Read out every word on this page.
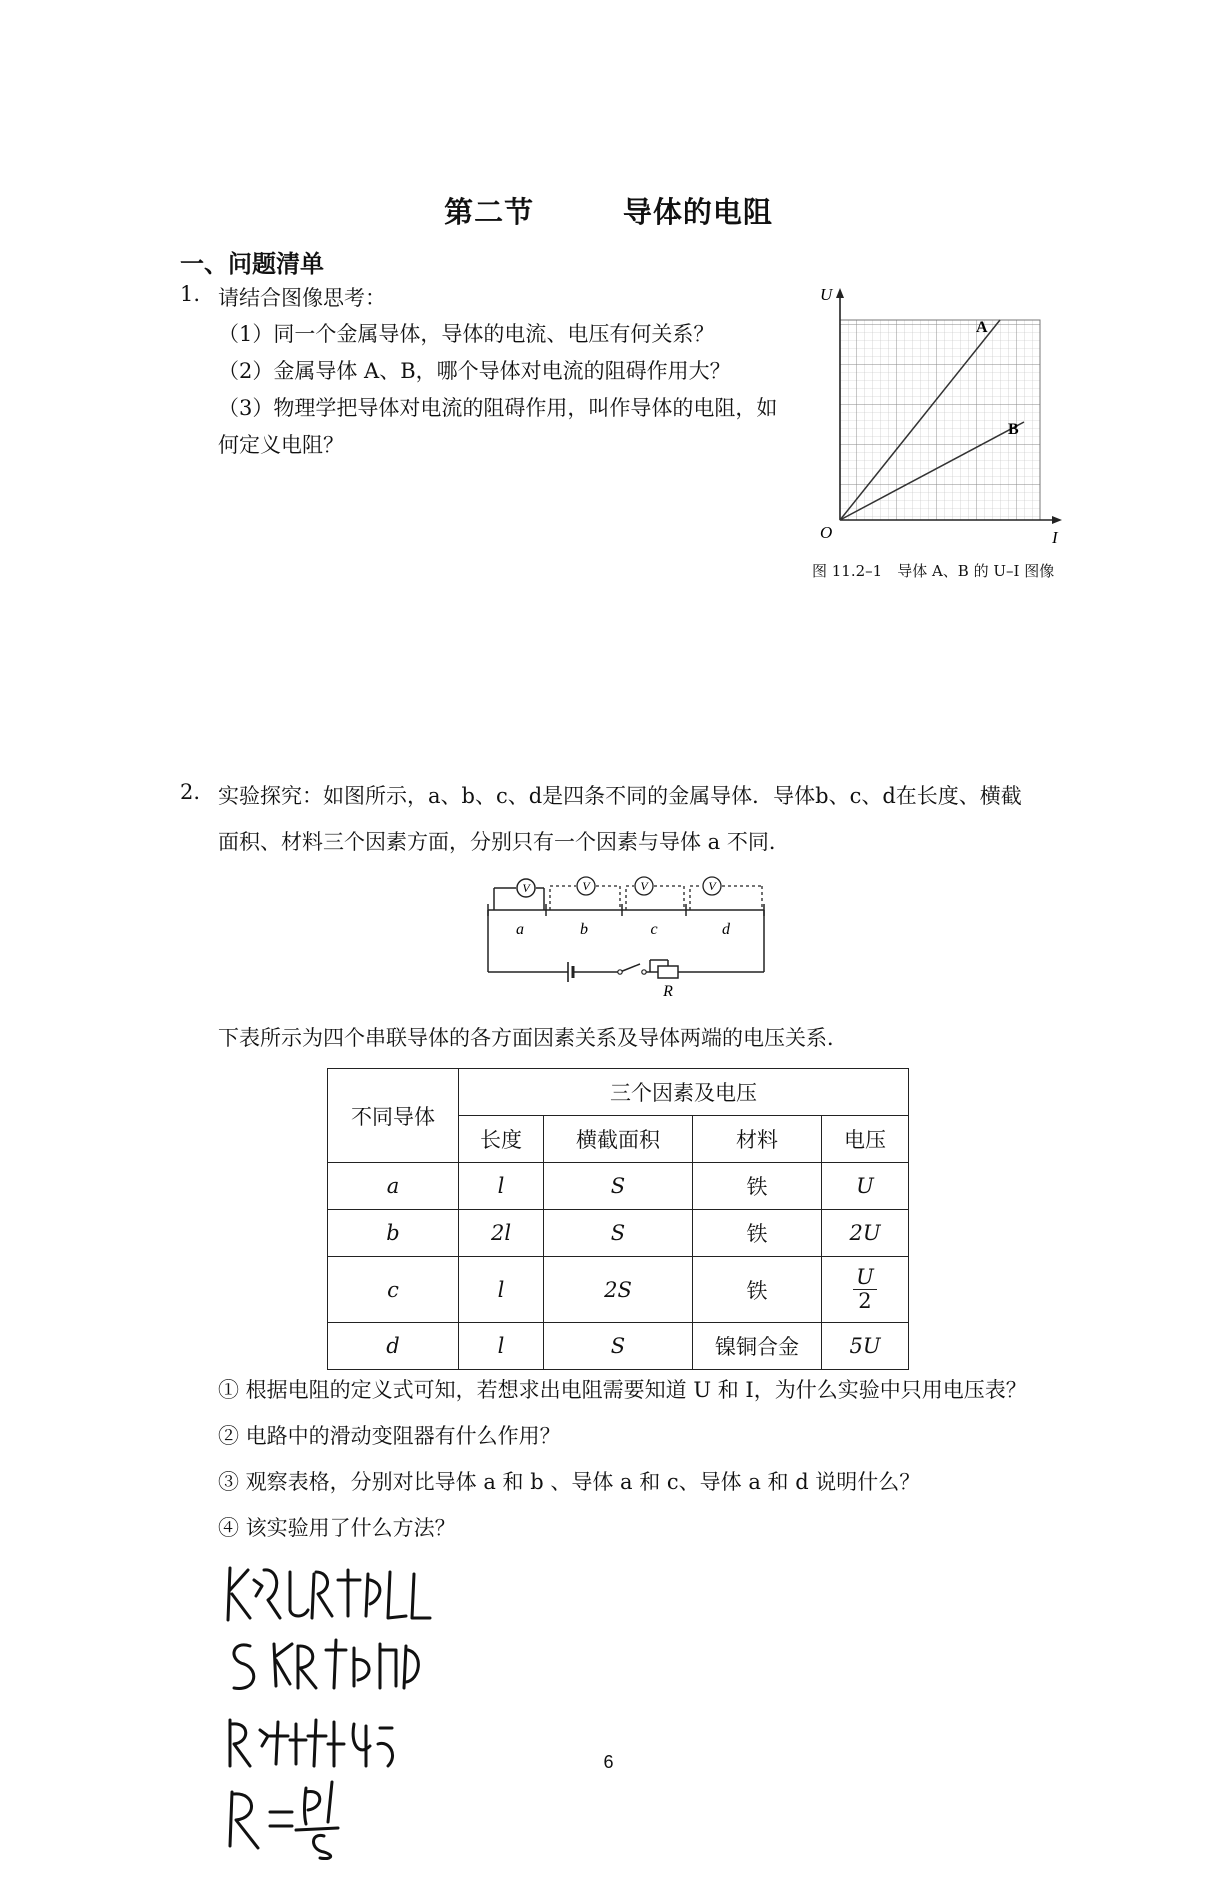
第二节	导体的电阻
一、问题清单
1. 请结合图像思考：
（1）同一个金属导体，导体的电流、电压有何关系？
（2）金属导体 A、B，哪个导体对电流的阻碍作用大？
（3）物理学把导体对电流的阻碍作用，叫作导体的电阻，如
何定义电阻？
U
I
O
A
B
图 11.2–1　导体 A、B 的 U–I 图像
2. 实验探究：如图所示，a、b、c、d是四条不同的金属导体．导体b、c、d在长度、横截
面积、材料三个因素方面，分别只有一个因素与导体 a 不同．
V	V	V	V
a	b	c	d
R
下表所示为四个串联导体的各方面因素关系及导体两端的电压关系．
不同导体	三个因素及电压			
	长度	横截面积	材料	电压
a	l	S	铁	U
b	2l	S	铁	2U
c	l	2S	铁	$\frac{U}{2}$

d	l	S	镍铜合金	5U
① 根据电阻的定义式可知，若想求出电阻需要知道 U 和 I，为什么实验中只用电压表？
② 电路中的滑动变阻器有什么作用？
③ 观察表格，分别对比导体 a 和 b 、导体 a 和 c、导体 a 和 d 说明什么？
④ 该实验用了什么方法？
6
